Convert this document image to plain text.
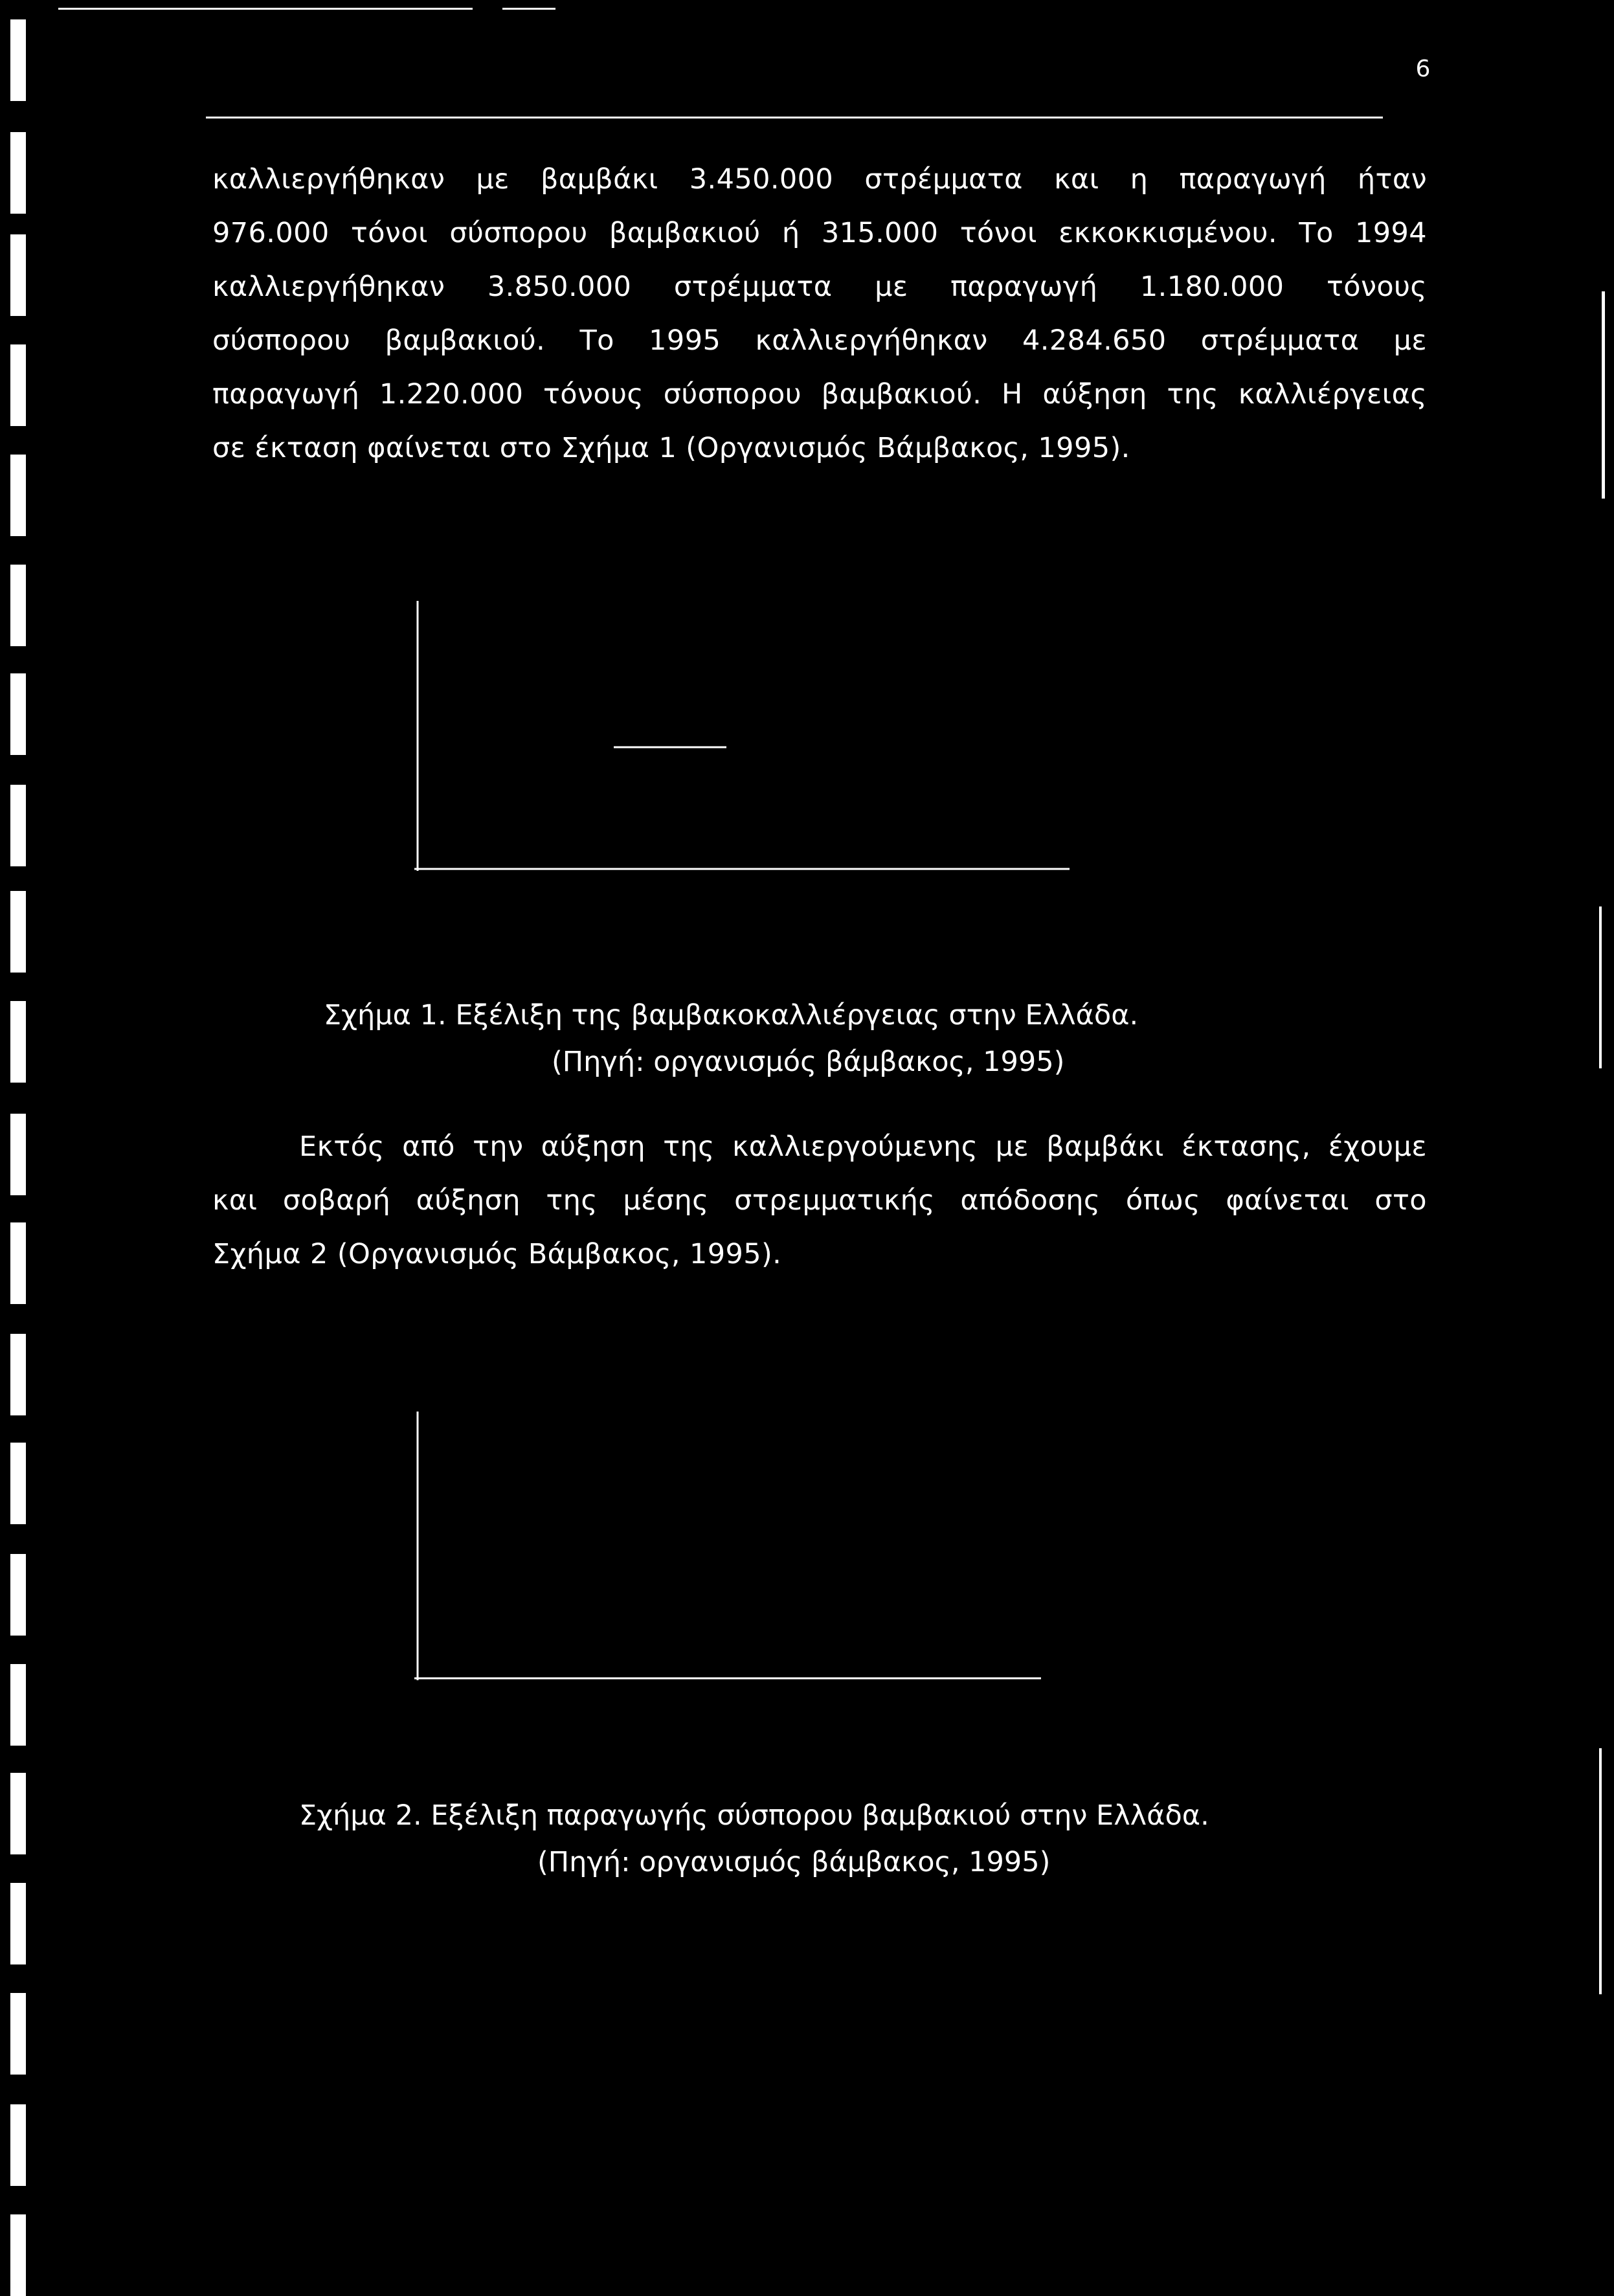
6
καλλιεργήθηκαν με βαμβάκι 3.450.000 στρέμματα και η παραγωγή ήταν
976.000 τόνοι σύσπορου βαμβακιού ή 315.000 τόνοι εκκοκκισμένου. Το 1994
καλλιεργήθηκαν 3.850.000 στρέμματα με παραγωγή 1.180.000 τόνους
σύσπορου βαμβακιού. Το 1995 καλλιεργήθηκαν 4.284.650 στρέμματα με
παραγωγή 1.220.000 τόνους σύσπορου βαμβακιού. Η αύξηση της καλλιέργειας
σε έκταση φαίνεται στο Σχήμα 1 (Οργανισμός Βάμβακος, 1995).

Σχήμα 1. Εξέλιξη της βαμβακοκαλλιέργειας στην Ελλάδα.

(Πηγή: οργανισμός βάμβακος, 1995)

Εκτός από την αύξηση της καλλιεργούμενης με βαμβάκι έκτασης, έχουμε
και σοβαρή αύξηση της μέσης στρεμματικής απόδοσης όπως φαίνεται στο
Σχήμα 2 (Οργανισμός Βάμβακος, 1995).

Σχήμα 2. Εξέλιξη παραγωγής σύσπορου βαμβακιού στην Ελλάδα.

(Πηγή: οργανισμός βάμβακος, 1995)
